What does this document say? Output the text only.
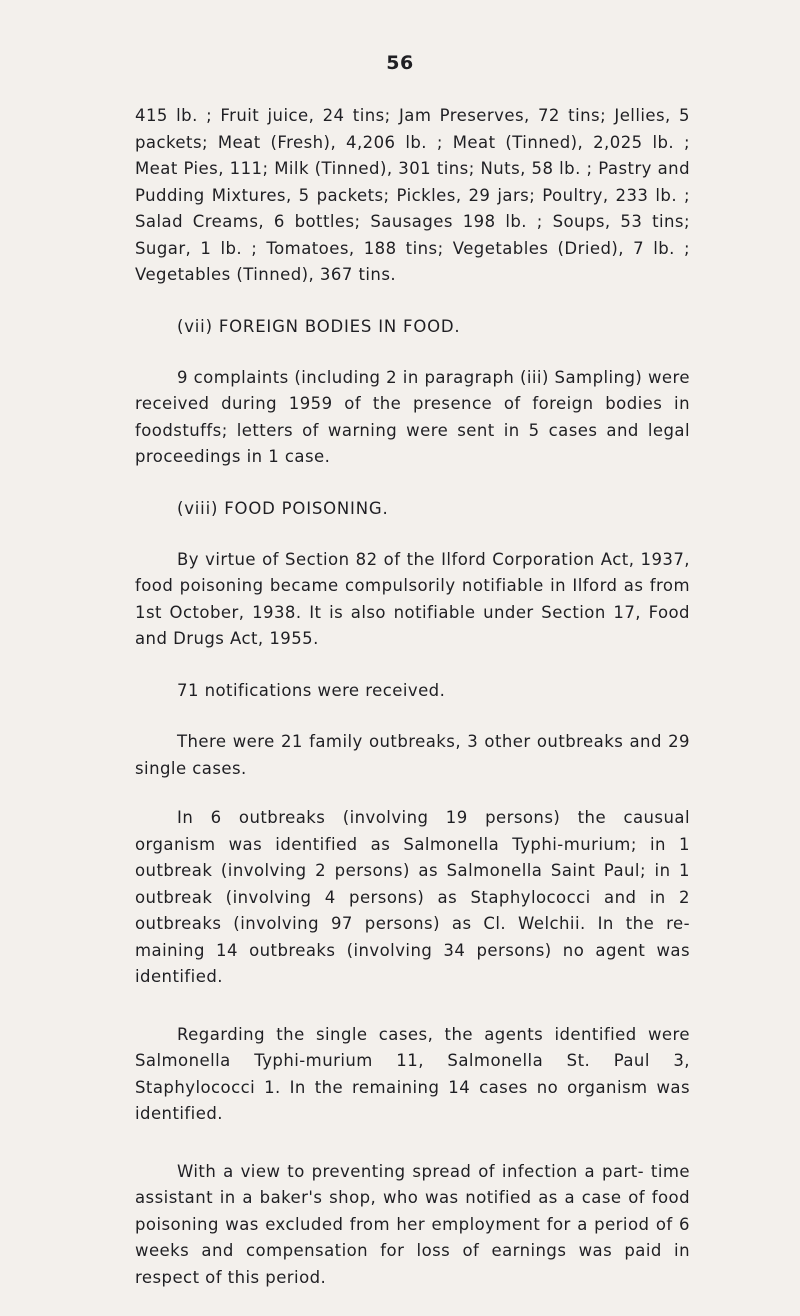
56

415 lb. ; Fruit juice, 24 tins; Jam Preserves, 72 tins; Jellies, 5 packets; Meat (Fresh), 4,206 lb. ; Meat (Tinned), 2,025 lb. ; Meat Pies, 111; Milk (Tinned), 301 tins; Nuts, 58 lb. ; Pastry and Pudding Mixtures, 5 packets; Pickles, 29 jars; Poultry, 233 lb. ; Salad Creams, 6 bottles; Sausages 198 lb. ; Soups, 53 tins; Sugar, 1 lb. ; Tomatoes, 188 tins; Vegetables (Dried), 7 lb. ; Vegetables (Tinned), 367 tins.

(vii) FOREIGN BODIES IN FOOD.

9 complaints (including 2 in paragraph (iii) Sampling) were received during 1959 of the presence of foreign bodies in foodstuffs; letters of warning were sent in 5 cases and legal proceedings in 1 case.

(viii) FOOD POISONING.

By virtue of Section 82 of the Ilford Corporation Act, 1937, food poisoning became compulsorily notifiable in Ilford as from 1st October, 1938. It is also notifiable under Section 17, Food and Drugs Act, 1955.

71 notifications were received.

There were 21 family outbreaks, 3 other outbreaks and 29 single cases.

In 6 outbreaks (involving 19 persons) the causual organism was identified as Salmonella Typhi-murium; in 1 outbreak (involving 2 persons) as Salmonella Saint Paul; in 1 outbreak (involving 4 persons) as Staphylococci and in 2 outbreaks (involving 97 persons) as Cl. Welchii. In the re- maining 14 outbreaks (involving 34 persons) no agent was identified.

Regarding the single cases, the agents identified were Salmonella Typhi-murium 11, Salmonella St. Paul 3, Staphylococci 1. In the remaining 14 cases no organism was identified.

With a view to preventing spread of infection a part- time assistant in a baker's shop, who was notified as a case of food poisoning was excluded from her employment for a period of 6 weeks and compensation for loss of earnings was paid in respect of this period.
